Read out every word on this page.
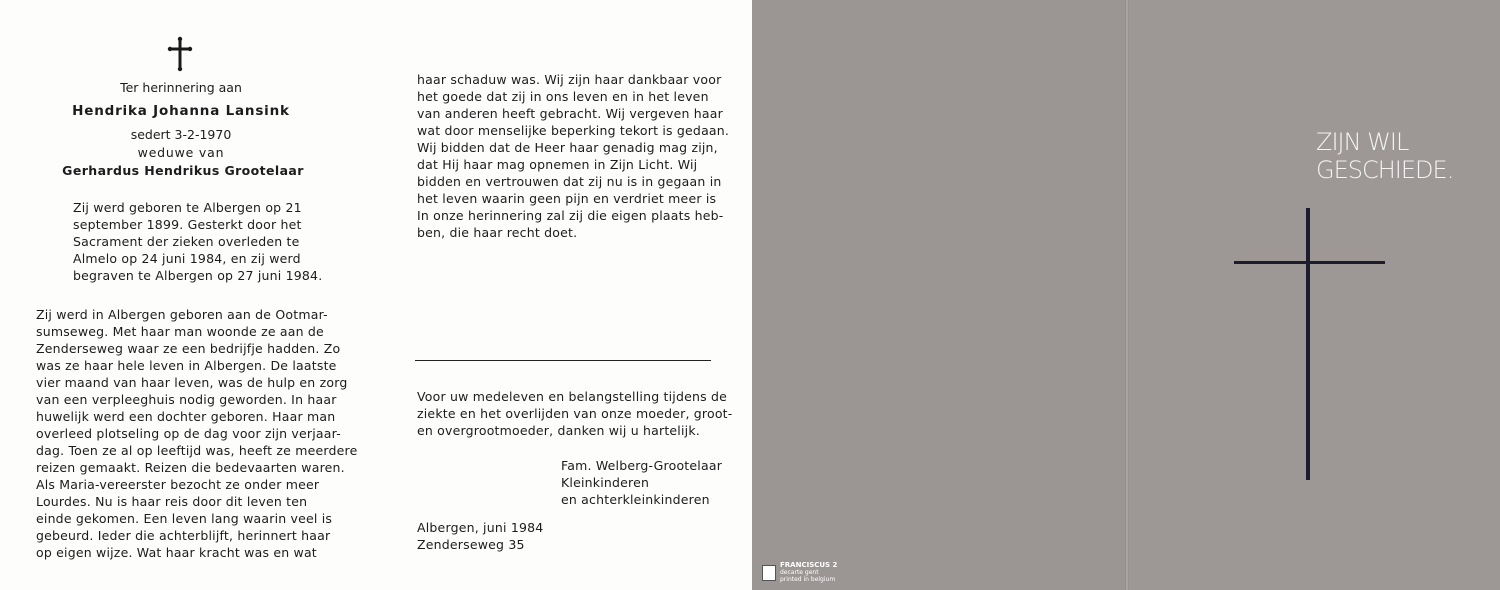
Ter herinnering aan
Hendrika Johanna Lansink
sedert 3-2-1970
weduwe van
Gerhardus Hendrikus Grootelaar
Zij werd geboren te Albergen op 21
september 1899. Gesterkt door het
Sacrament der zieken overleden te
Almelo op 24 juni 1984, en zij werd
begraven te Albergen op 27 juni 1984.
Zij werd in Albergen geboren aan de Ootmar-
sumseweg. Met haar man woonde ze aan de
Zenderseweg waar ze een bedrijfje hadden. Zo
was ze haar hele leven in Albergen. De laatste
vier maand van haar leven, was de hulp en zorg
van een verpleeghuis nodig geworden. In haar
huwelijk werd een dochter geboren. Haar man
overleed plotseling op de dag voor zijn verjaar-
dag. Toen ze al op leeftijd was, heeft ze meerdere
reizen gemaakt. Reizen die bedevaarten waren.
Als Maria-vereerster bezocht ze onder meer
Lourdes. Nu is haar reis door dit leven ten
einde gekomen. Een leven lang waarin veel is
gebeurd. Ieder die achterblijft, herinnert haar
op eigen wijze. Wat haar kracht was en wat
haar schaduw was. Wij zijn haar dankbaar voor
het goede dat zij in ons leven en in het leven
van anderen heeft gebracht. Wij vergeven haar
wat door menselijke beperking tekort is gedaan.
Wij bidden dat de Heer haar genadig mag zijn,
dat Hij haar mag opnemen in Zijn Licht. Wij
bidden en vertrouwen dat zij nu is in gegaan in
het leven waarin geen pijn en verdriet meer is
In onze herinnering zal zij die eigen plaats heb-
ben, die haar recht doet.
Voor uw medeleven en belangstelling tijdens de
ziekte en het overlijden van onze moeder, groot-
en overgrootmoeder, danken wij u hartelijk.
Fam. Welberg-Grootelaar
Kleinkinderen
en achterkleinkinderen
Albergen, juni 1984
Zenderseweg 35
FRANCISCUS 2
decarte gent
printed in belgium
ZIJN WIL
GESCHIEDE.
